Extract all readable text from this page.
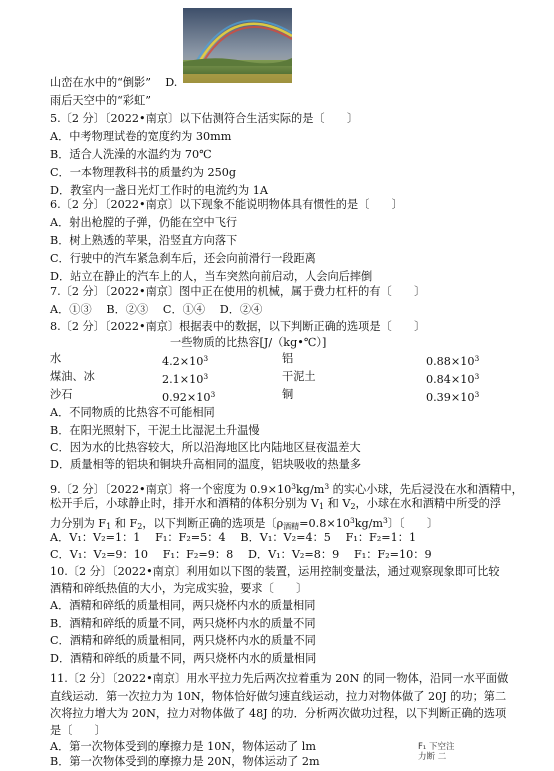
山峦在水中的“倒影” D.
雨后天空中的“彩虹”
5.〔2 分〕〔2022•南京〕以下估测符合生活实际的是〔　　〕
A．中考物理试卷的宽度约为 30mm
B．适合人洗澡的水温约为 70℃
C．一本物理教科书的质量约为 250g
D．教室内一盏日光灯工作时的电流约为 1A
6.〔2 分〕〔2022•南京〕以下现象不能说明物体具有惯性的是〔　　〕
A．射出枪膛的子弹，仍能在空中飞行
B．树上熟透的苹果，沿竖直方向落下
C．行驶中的汽车紧急刹车后，还会向前滑行一段距离
D．站立在静止的汽车上的人，当车突然向前启动，人会向后摔倒
7.〔2 分〕〔2022•南京〕图中正在使用的机械，属于费力杠杆的有〔　　〕
A．①③　 B．②③　 C．①④　 D．②④
8.〔2 分〕〔2022•南京〕根据表中的数据，以下判断正确的选项是〔　　〕
一些物质的比热容[J/（kg•℃）]
水	$4.2\times 10^3$	铝	$0.88\times 10^3$
煤油、冰	$2.1\times 10^3$	干泥土	$0.84\times 10^3$
沙石	$0.92\times 10^3$	铜	$0.39\times 10^3$
A．不同物质的比热容不可能相同
B．在阳光照射下，干泥土比湿泥土升温慢
C．因为水的比热容较大，所以沿海地区比内陆地区昼夜温差大
D．质量相等的铝块和铜块升高相同的温度，铝块吸收的热量多
9.〔2 分〕〔2022•南京〕将一个密度为 $0.9\times 10^3kg/m^3$ 的实心小球，先后浸没在水和酒精中，
松开手后，小球静止时，排开水和酒精的体积分别为 $V_1$ 和 $V_2$，小球在水和酒精中所受的浮
力分别为 $F_1$ 和 $F_2$，以下判断正确的选项是〔$\rho_{酒精}=0.8\times 10^3kg/m^3$〕〔　　〕
A．V₁：V₂=1：1　 F₁：F₂=5：4　 B．V₁：V₂=4：5　 F₁：F₂=1：1
C．V₁：V₂=9：10　 F₁：F₂=9：8　 D．V₁：V₂=8：9　 F₁：F₂=10：9
10.〔2 分〕〔2022•南京〕利用如以下图的装置，运用控制变量法，通过观察现象即可比较
酒精和碎纸热值的大小，为完成实验，要求〔　　〕
A．酒精和碎纸的质量相同，两只烧杯内水的质量相同
B．酒精和碎纸的质量不同，两只烧杯内水的质量不同
C．酒精和碎纸的质量相同，两只烧杯内水的质量不同
D．酒精和碎纸的质量不同，两只烧杯内水的质量相同
11.〔2 分〕〔2022•南京〕用水平拉力先后两次拉着重为 20N 的同一物体，沿同一水平面做
直线运动．第一次拉力为 10N，物体恰好做匀速直线运动，拉力对物体做了 20J 的功；第二
次将拉力增大为 20N，拉力对物体做了 48J 的功．分析两次做功过程，以下判断正确的选项
是〔　　〕
A．第一次物体受到的摩擦力是 10N，物体运动了 lm
B．第一次物体受到的摩擦力是 20N，物体运动了 2m
F₁ 下空注
力断 二
